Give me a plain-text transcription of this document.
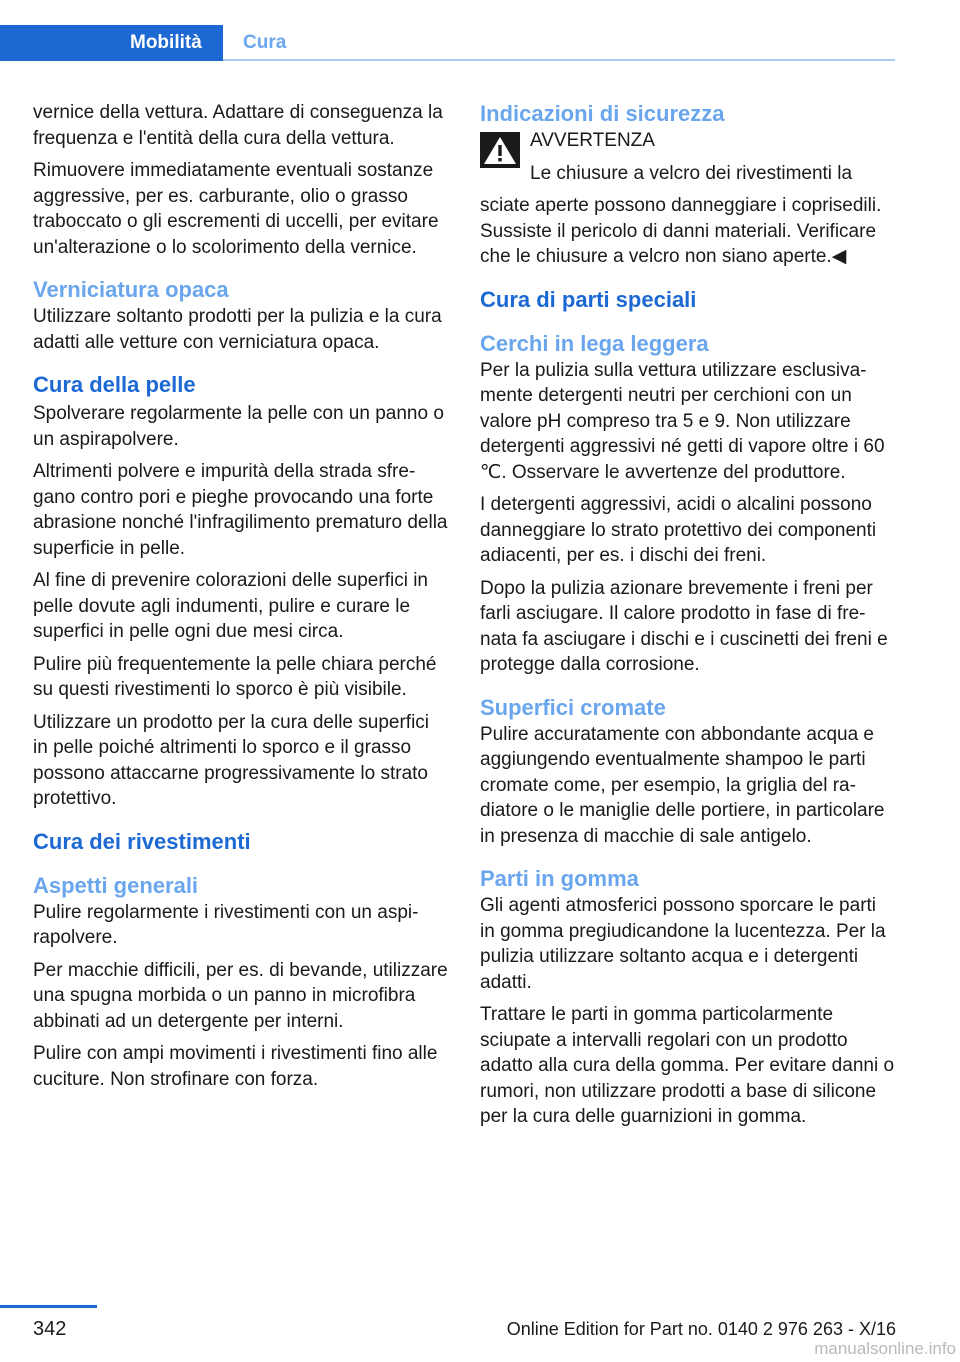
Mobilità	Cura

vernice della vettura. Adattare di conseguenza la frequenza e l'entità della cura della vettura.

Rimuovere immediatamente eventuali sostanze aggressive, per es. carburante, olio o grasso traboccato o gli escrementi di uccelli, per evitare un'alterazione o lo scolorimento della vernice.

Verniciatura opaca

Utilizzare soltanto prodotti per la pulizia e la cura adatti alle vetture con verniciatura opaca.

Cura della pelle

Spolverare regolarmente la pelle con un panno o un aspirapolvere.

Altrimenti polvere e impurità della strada sfregano contro pori e pieghe provocando una forte abrasione nonché l'infragilimento prematuro della superficie in pelle.

Al fine di prevenire colorazioni delle superfici in pelle dovute agli indumenti, pulire e curare le superfici in pelle ogni due mesi circa.

Pulire più frequentemente la pelle chiara perché su questi rivestimenti lo sporco è più visibile.

Utilizzare un prodotto per la cura delle superfici in pelle poiché altrimenti lo sporco e il grasso possono attaccarne progressivamente lo strato protettivo.

Cura dei rivestimenti
Aspetti generali

Pulire regolarmente i rivestimenti con un aspirapolvere.

Per macchie difficili, per es. di bevande, utilizzare una spugna morbida o un panno in microfibra abbinati ad un detergente per interni.

Pulire con ampi movimenti i rivestimenti fino alle cuciture. Non strofinare con forza.

Indicazioni di sicurezza

AVVERTENZA

Le chiusure a velcro dei rivestimenti la

sciate aperte possono danneggiare i coprisedili. Sussiste il pericolo di danni materiali. Verificare che le chiusure a velcro non siano aperte.◀

Cura di parti speciali
Cerchi in lega leggera

Per la pulizia sulla vettura utilizzare esclusivamente detergenti neutri per cerchioni con un valore pH compreso tra 5 e 9. Non utilizzare detergenti aggressivi né getti di vapore oltre i 60 ℃. Osservare le avvertenze del produttore.

I detergenti aggressivi, acidi o alcalini possono danneggiare lo strato protettivo dei componenti adiacenti, per es. i dischi dei freni.

Dopo la pulizia azionare brevemente i freni per farli asciugare. Il calore prodotto in fase di frenata fa asciugare i dischi e i cuscinetti dei freni e protegge dalla corrosione.

Superfici cromate

Pulire accuratamente con abbondante acqua e aggiungendo eventualmente shampoo le parti cromate come, per esempio, la griglia del radiatore o le maniglie delle portiere, in particolare in presenza di macchie di sale antigelo.

Parti in gomma

Gli agenti atmosferici possono sporcare le parti in gomma pregiudicandone la lucentezza. Per la pulizia utilizzare soltanto acqua e i detergenti adatti.

Trattare le parti in gomma particolarmente sciupate a intervalli regolari con un prodotto adatto alla cura della gomma. Per evitare danni o rumori, non utilizzare prodotti a base di silicone per la cura delle guarnizioni in gomma.

342	Online Edition for Part no. 0140 2 976 263 - X/16
manualsonline.info
